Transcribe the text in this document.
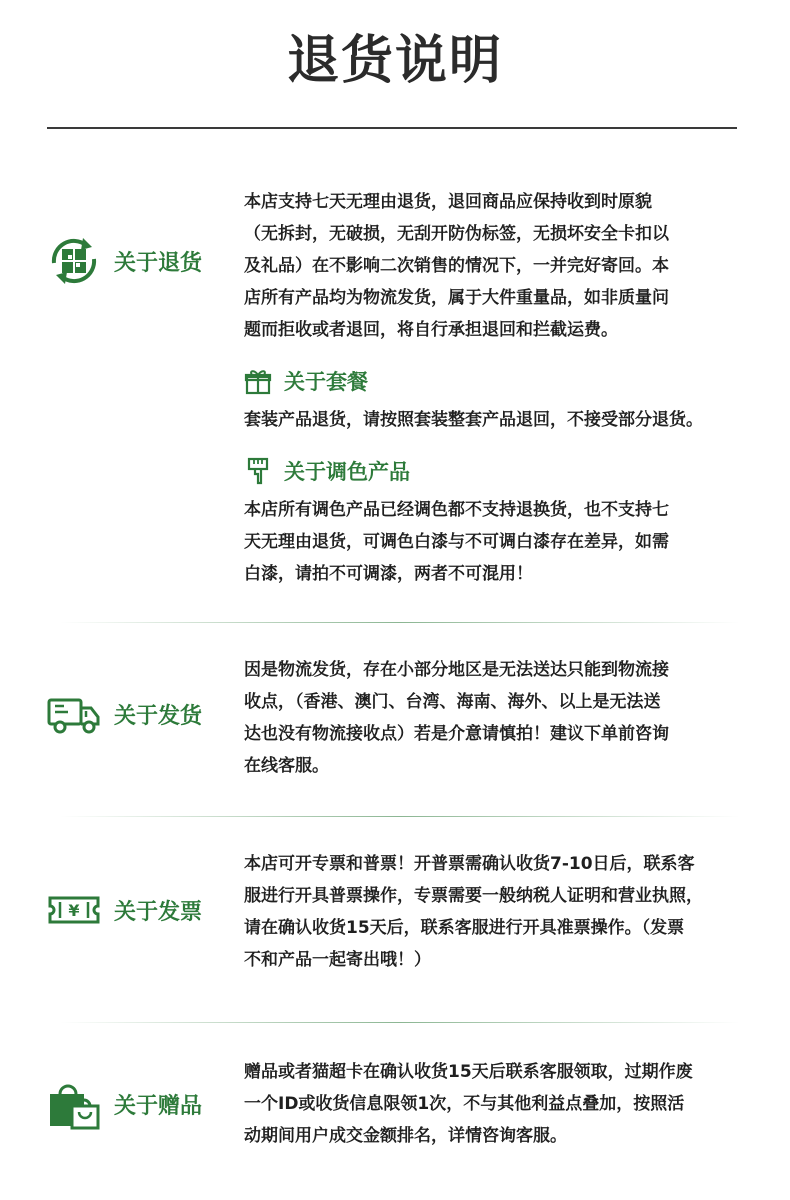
退货说明
关于退货
本店支持七天无理由退货，退回商品应保持收到时原貌
（无拆封，无破损，无刮开防伪标签，无损坏安全卡扣以
及礼品）在不影响二次销售的情况下，一并完好寄回。本
店所有产品均为物流发货，属于大件重量品，如非质量问
题而拒收或者退回，将自行承担退回和拦截运费。
关于套餐
套装产品退货，请按照套装整套产品退回，不接受部分退货。
关于调色产品
本店所有调色产品已经调色都不支持退换货，也不支持七
天无理由退货，可调色白漆与不可调白漆存在差异，如需
白漆，请拍不可调漆，两者不可混用！
关于发货
因是物流发货，存在小部分地区是无法送达只能到物流接
收点，（香港、澳门、台湾、海南、海外、以上是无法送
达也没有物流接收点）若是介意请慎拍！建议下单前咨询
在线客服。
¥ 关于发票
本店可开专票和普票！开普票需确认收货7-10日后，联系客
服进行开具普票操作，专票需要一般纳税人证明和营业执照，
请在确认收货15天后，联系客服进行开具准票操作。（发票
不和产品一起寄出哦！）
关于赠品
赠品或者猫超卡在确认收货15天后联系客服领取，过期作废
一个ID或收货信息限领1次，不与其他利益点叠加，按照活
动期间用户成交金额排名，详情咨询客服。
